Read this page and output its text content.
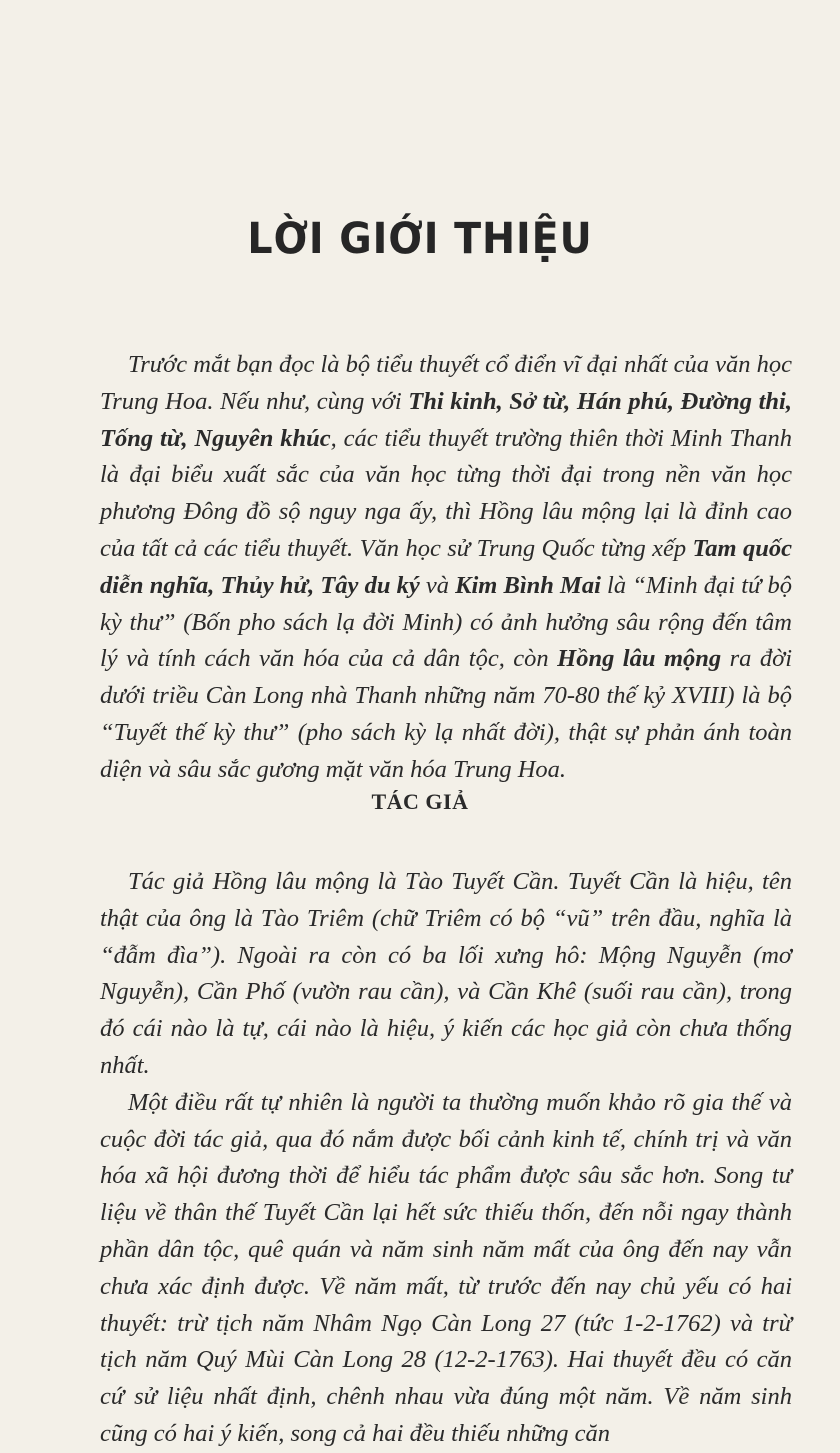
LỜI GIỚI THIỆU

Trước mắt bạn đọc là bộ tiểu thuyết cổ điển vĩ đại nhất của văn học Trung Hoa. Nếu như, cùng với Thi kinh, Sở từ, Hán phú, Đường thi, Tống từ, Nguyên khúc, các tiểu thuyết trường thiên thời Minh Thanh là đại biểu xuất sắc của văn học từng thời đại trong nền văn học phương Đông đồ sộ nguy nga ấy, thì Hồng lâu mộng lại là đỉnh cao của tất cả các tiểu thuyết. Văn học sử Trung Quốc từng xếp Tam quốc diễn nghĩa, Thủy hử, Tây du ký và Kim Bình Mai là “Minh đại tứ bộ kỳ thư” (Bốn pho sách lạ đời Minh) có ảnh hưởng sâu rộng đến tâm lý và tính cách văn hóa của cả dân tộc, còn Hồng lâu mộng ra đời dưới triều Càn Long nhà Thanh những năm 70-80 thế kỷ XVIII) là bộ “Tuyết thế kỳ thư” (pho sách kỳ lạ nhất đời), thật sự phản ánh toàn diện và sâu sắc gương mặt văn hóa Trung Hoa.

TÁC GIẢ

Tác giả Hồng lâu mộng là Tào Tuyết Cần. Tuyết Cần là hiệu, tên thật của ông là Tào Triêm (chữ Triêm có bộ “vũ” trên đầu, nghĩa là “đẫm đìa”). Ngoài ra còn có ba lối xưng hô: Mộng Nguyễn (mơ Nguyễn), Cần Phố (vườn rau cần), và Cần Khê (suối rau cần), trong đó cái nào là tự, cái nào là hiệu, ý kiến các học giả còn chưa thống nhất.

Một điều rất tự nhiên là người ta thường muốn khảo rõ gia thế và cuộc đời tác giả, qua đó nắm được bối cảnh kinh tế, chính trị và văn hóa xã hội đương thời để hiểu tác phẩm được sâu sắc hơn. Song tư liệu về thân thế Tuyết Cần lại hết sức thiếu thốn, đến nỗi ngay thành phần dân tộc, quê quán và năm sinh năm mất của ông đến nay vẫn chưa xác định được. Về năm mất, từ trước đến nay chủ yếu có hai thuyết: trừ tịch năm Nhâm Ngọ Càn Long 27 (tức 1-2-1762) và trừ tịch năm Quý Mùi Càn Long 28 (12-2-1763). Hai thuyết đều có căn cứ sử liệu nhất định, chênh nhau vừa đúng một năm. Về năm sinh cũng có hai ý kiến, song cả hai đều thiếu những căn
